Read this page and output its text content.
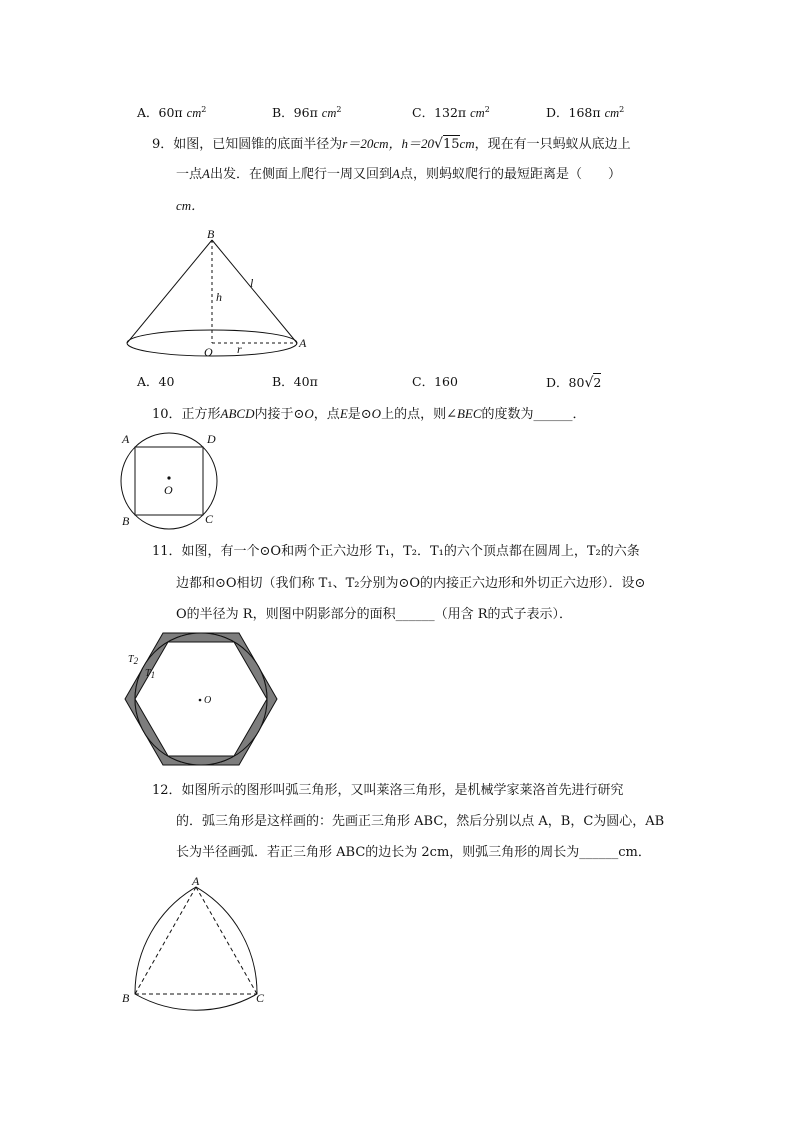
A．60π $cm^2$	B．96π $cm^2$	C．132π $cm^2$	D．168π $cm^2$
9．如图，已知圆锥的底面半径为r＝20cm，h＝20√15cm，现在有一只蚂蚁从底边上
一点A出发．在侧面上爬行一周又回到A点，则蚂蚁爬行的最短距离是（　　）
cm．
B
h
l
O r	A
A．40	B．40π	C．160	D．80√2
10．正方形ABCD内接于⊙O，点E是⊙O上的点，则∠BEC的度数为______．
A	D
B	C
O
11．如图，有一个⊙O和两个正六边形 T₁，T₂．T₁的六个顶点都在圆周上，T₂的六条
边都和⊙O相切（我们称 T₁、T₂分别为⊙O的内接正六边形和外切正六边形）．设⊙
O的半径为 R，则图中阴影部分的面积______（用含 R的式子表示）．
O
T2
T1
12．如图所示的图形叫弧三角形，又叫莱洛三角形，是机械学家莱洛首先进行研究
的．弧三角形是这样画的：先画正三角形 ABC，然后分别以点 A，B，C为圆心，AB
长为半径画弧．若正三角形 ABC的边长为 2cm，则弧三角形的周长为______cm．
A
B	C
